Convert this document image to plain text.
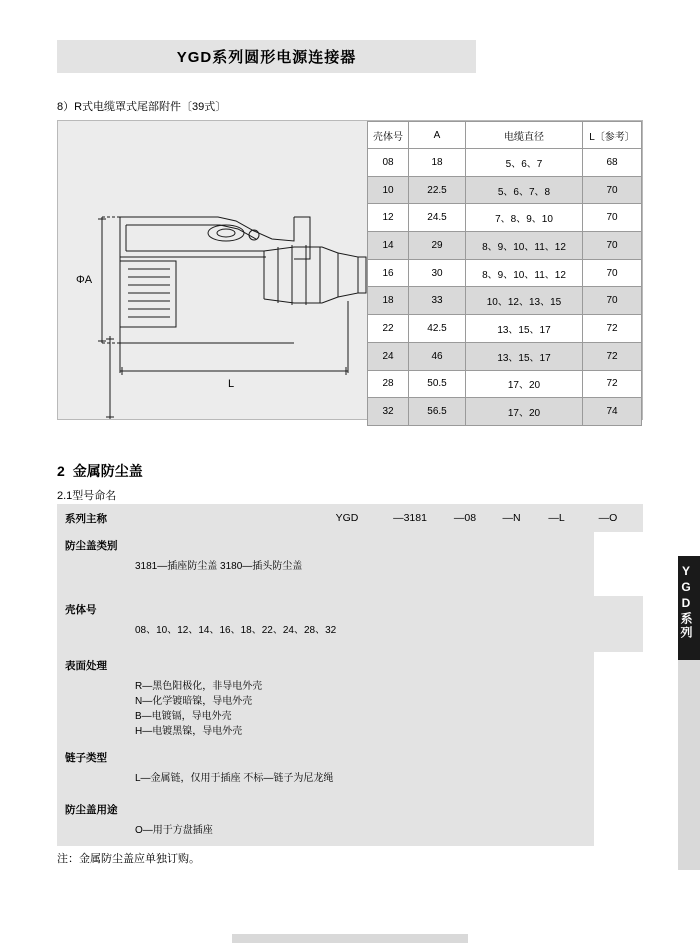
YGD系列圆形电源连接器
8）R式电缆罩式尾部附件〔39式〕
ΦA
L
壳体号	A	电缆直径	L〔参考〕
08	18	5、6、7	68
10	22.5	5、6、7、8	70
12	24.5	7、8、9、10	70
14	29	8、9、10、11、12	70
16	30	8、9、10、11、12	70
18	33	10、12、13、15	70
22	42.5	13、15、17	72
24	46	13、15、17	72
28	50.5	17、20	72
32	56.5	17、20	74
2 金属防尘盖
2.1型号命名
系列主称	YGD	—3181	—08	—N	—L	—O
防尘盖类别
3181—插座防尘盖 3180—插头防尘盖
壳体号
08、10、12、14、16、18、22、24、28、32
表面处理
R—黑色阳极化，非导电外壳
N—化学镀暗镍，导电外壳
B—电镀镉，导电外壳
H—电镀黑镍，导电外壳
链子类型
L—金属链，仅用于插座 不标—链子为尼龙绳
防尘盖用途
O—用于方盘插座
注：金属防尘盖应单独订购。
YGD系列
